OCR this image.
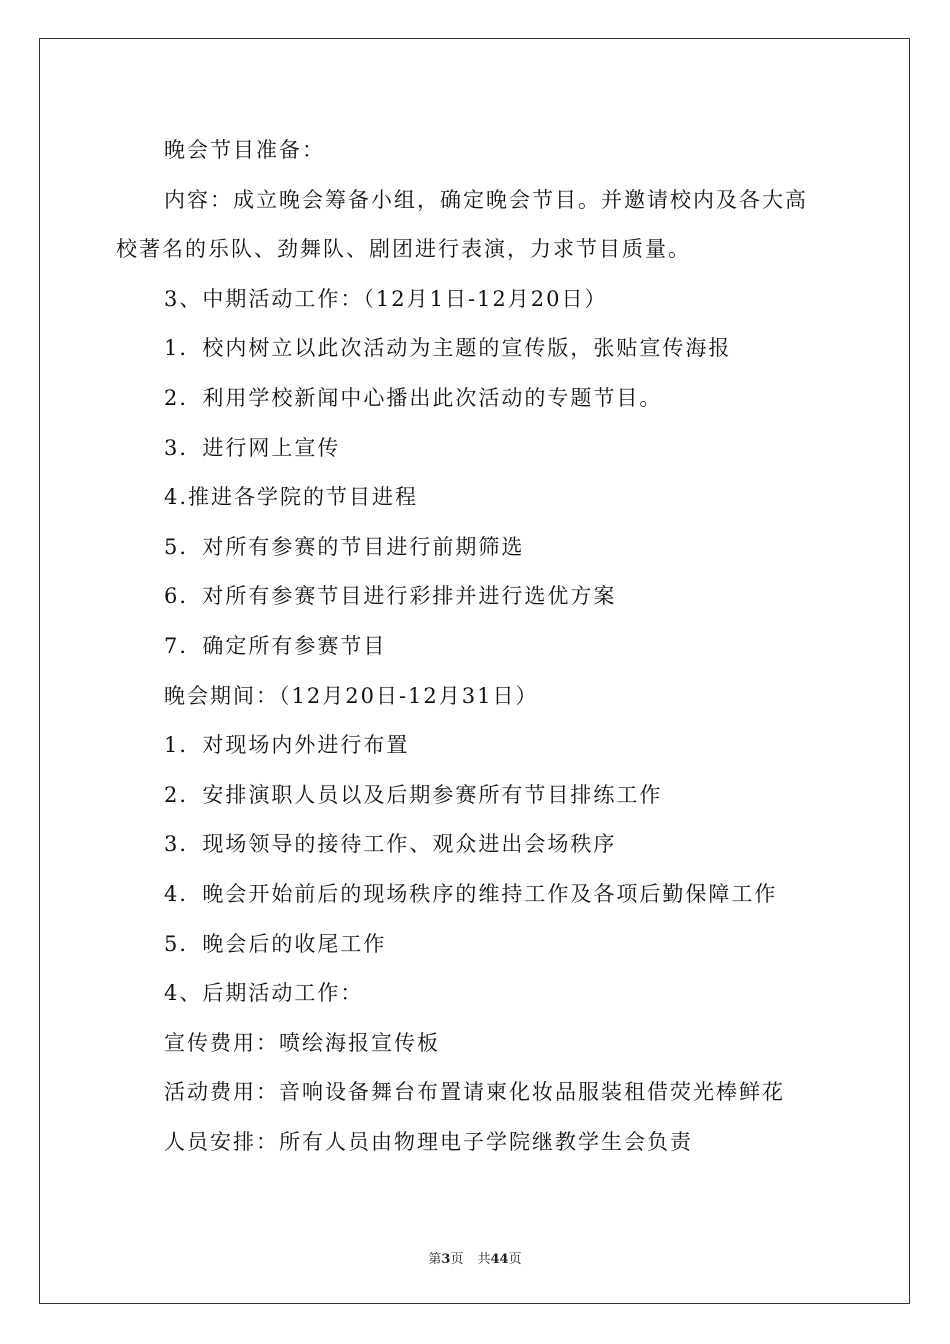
晚会节目准备：
内容：成立晚会筹备小组，确定晚会节目。并邀请校内及各大高
校著名的乐队、劲舞队、剧团进行表演，力求节目质量。
3、中期活动工作：（12月1日-12月20日）
1．校内树立以此次活动为主题的宣传版，张贴宣传海报
2．利用学校新闻中心播出此次活动的专题节目。
3．进行网上宣传
4.推进各学院的节目进程
5．对所有参赛的节目进行前期筛选
6．对所有参赛节目进行彩排并进行选优方案
7．确定所有参赛节目
晚会期间：（12月20日-12月31日）
1．对现场内外进行布置
2．安排演职人员以及后期参赛所有节目排练工作
3．现场领导的接待工作、观众进出会场秩序
4．晚会开始前后的现场秩序的维持工作及各项后勤保障工作
5．晚会后的收尾工作
4、后期活动工作：
宣传费用：喷绘海报宣传板
活动费用：音响设备舞台布置请柬化妆品服装租借荧光棒鲜花
人员安排：所有人员由物理电子学院继教学生会负责
第3页 共44页
